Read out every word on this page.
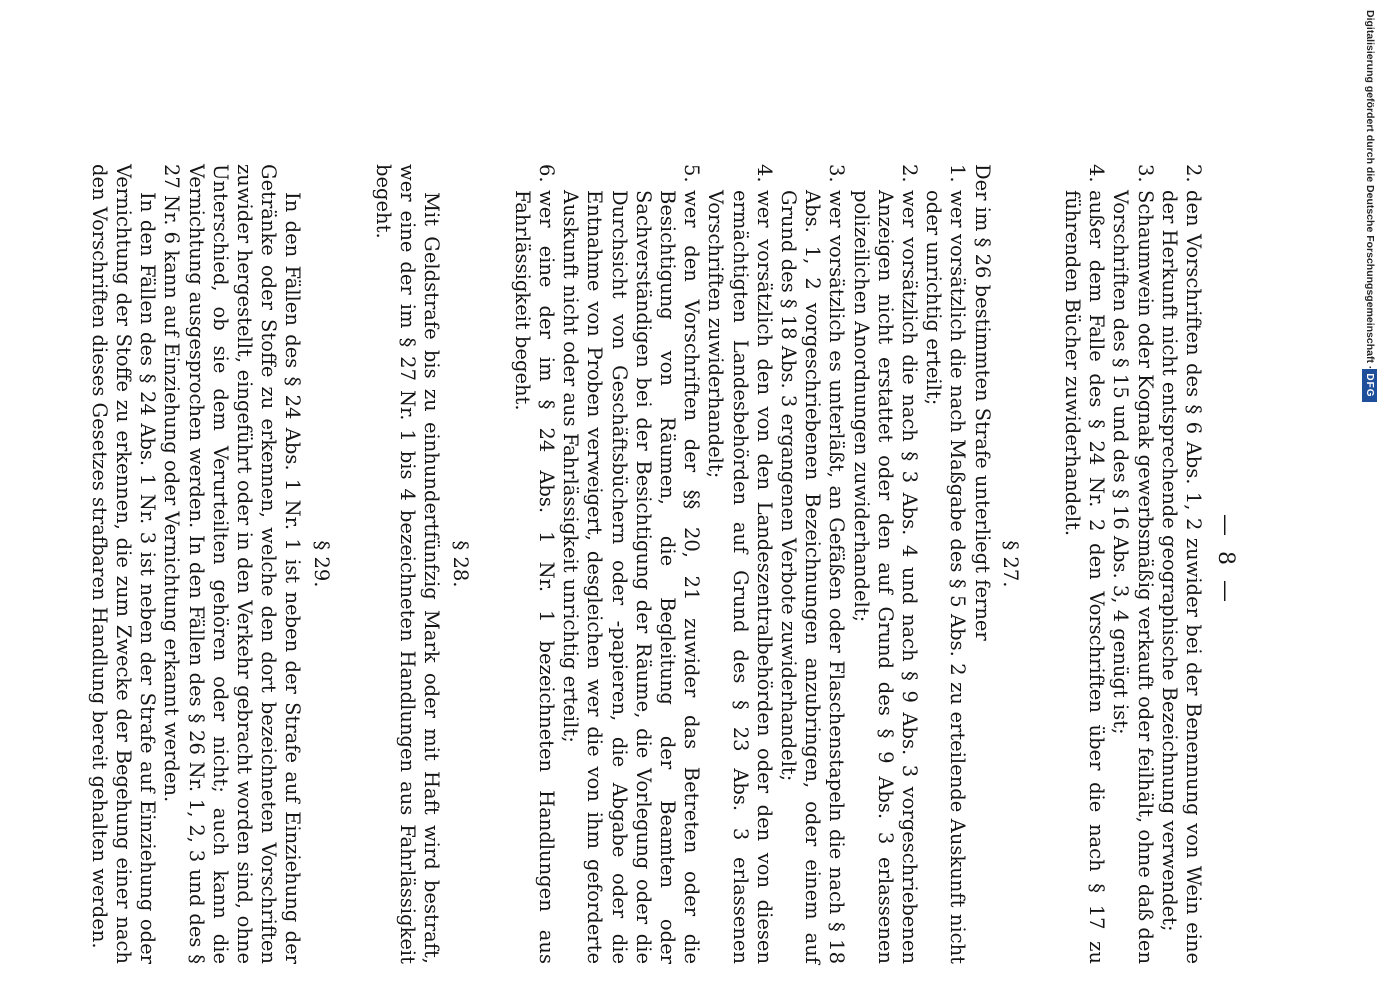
— 8 —
2.
den Vorschriften des § 6 Abs. 1, 2 zuwider bei der Benennung von Wein eine der Herkunft nicht entsprechende geographische Bezeichnung verwendet;
3.
Schaumwein oder Kognak gewerbsmäßig verkauft oder feilhält, ohne daß den Vorschriften des § 15 und des § 16 Abs. 3, 4 genügt ist;
4.
außer dem Falle des § 24 Nr. 2 den Vorschriften über die nach § 17 zu führenden Bücher zuwiderhandelt.
§ 27.

Der im § 26 bestimmten Strafe unterliegt ferner

1.
wer vorsätzlich die nach Maßgabe des § 5 Abs. 2 zu erteilende Auskunft nicht oder unrichtig erteilt;
2.
wer vorsätzlich die nach § 3 Abs. 4 und nach § 9 Abs. 3 vorgeschriebenen Anzeigen nicht erstattet oder den auf Grund des § 9 Abs. 3 erlassenen polizeilichen Anordnungen zuwiderhandelt;
3.
wer vorsätzlich es unterläßt, an Gefäßen oder Flaschenstapeln die nach § 18 Abs. 1, 2 vorgeschriebenen Bezeichnungen anzubringen, oder einem auf Grund des § 18 Abs. 3 ergangenen Verbote zuwiderhandelt;
4.
wer vorsätzlich den von den Landeszentralbehörden oder den von diesen ermächtigten Landesbehörden auf Grund des § 23 Abs. 3 erlassenen Vorschriften zuwiderhandelt;
5.
wer den Vorschriften der §§ 20, 21 zuwider das Betreten oder die Besichtigung von Räumen, die Begleitung der Beamten oder Sachverständigen bei der Besichtigung der Räume, die Vorlegung oder die Durchsicht von Geschäftsbüchern oder -papieren, die Abgabe oder die Entnahme von Proben verweigert, desgleichen wer die von ihm geforderte Auskunft nicht oder aus Fahrlässigkeit unrichtig erteilt;
6.
wer eine der im § 24 Abs. 1 Nr. 1 bezeichneten Handlungen aus Fahrlässigkeit begeht.
§ 28.

Mit Geldstrafe bis zu einhundertfünfzig Mark oder mit Haft wird bestraft, wer eine der im § 27 Nr. 1 bis 4 bezeichneten Handlungen aus Fahrlässigkeit begeht.

§ 29.

In den Fällen des § 24 Abs. 1 Nr. 1 ist neben der Strafe auf Einziehung der Getränke oder Stoffe zu erkennen, welche den dort bezeichneten Vorschriften zuwider hergestellt, eingeführt oder in den Verkehr gebracht worden sind, ohne Unterschied, ob sie dem Verurteilten gehören oder nicht; auch kann die Vernichtung ausgesprochen werden. In den Fällen des § 26 Nr. 1, 2, 3 und des § 27 Nr. 6 kann auf Einziehung oder Vernichtung erkannt werden.

In den Fällen des § 24 Abs. 1 Nr. 3 ist neben der Strafe auf Einziehung oder Vernichtung der Stoffe zu erkennen, die zum Zwecke der Begehung einer nach den Vorschriften dieses Gesetzes strafbaren Handlung bereit gehalten werden.	Digitalisierung gefördert durch die Deutsche Forschungsgemeinschaft ·
DFG
